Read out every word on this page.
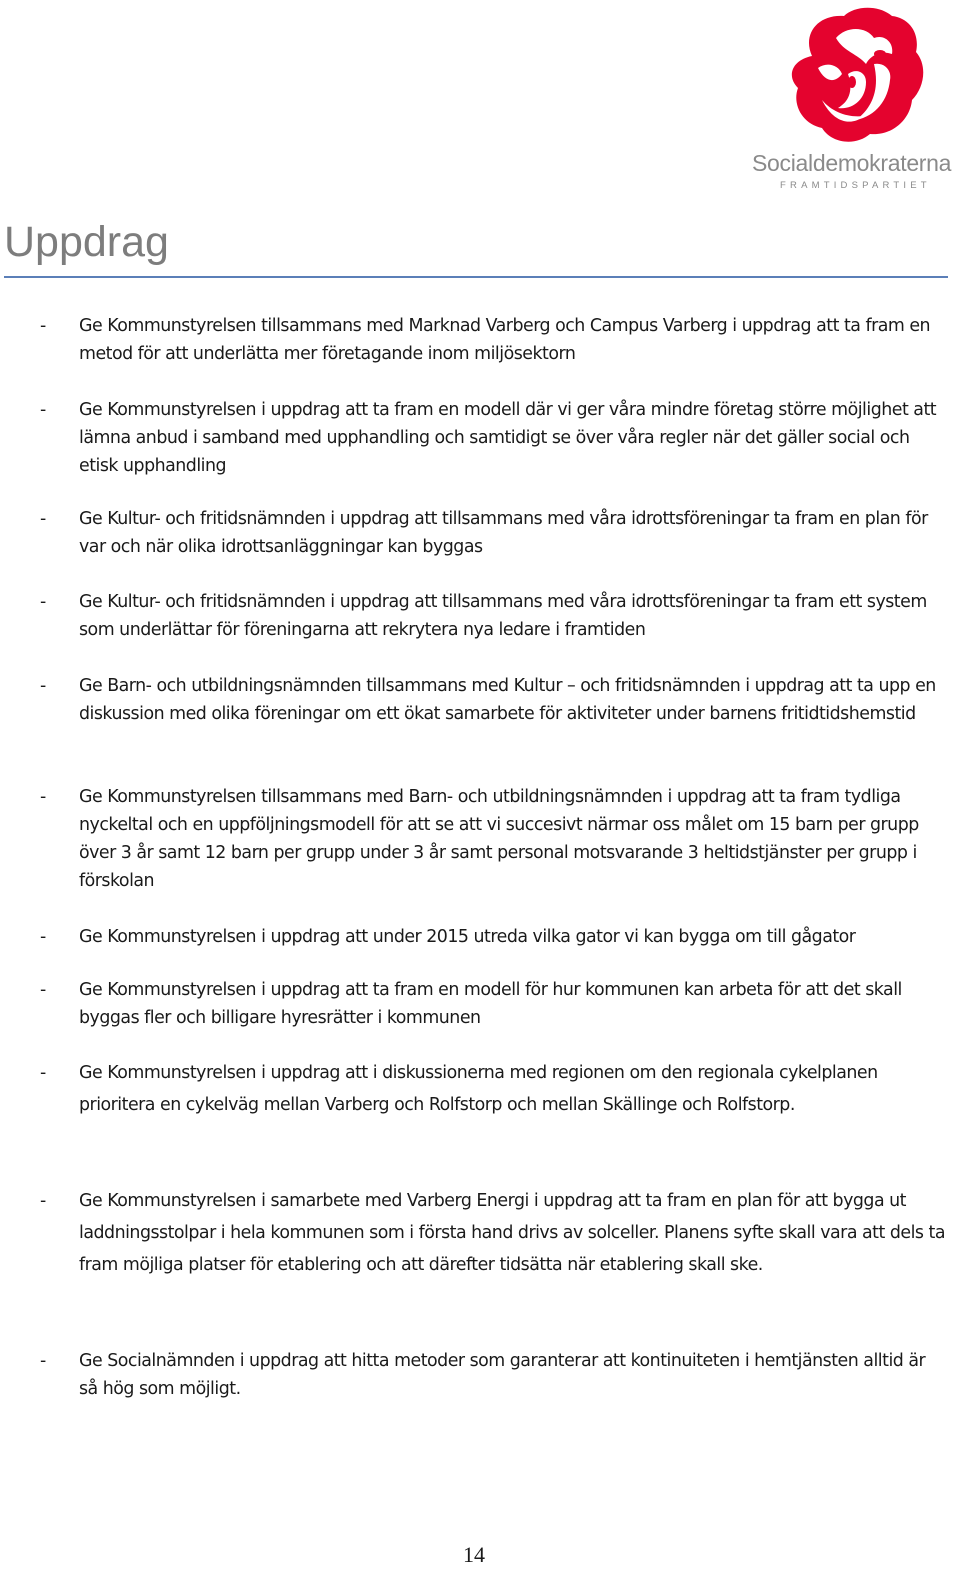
Socialdemokraterna
FRAMTIDSPARTIET
Uppdrag
- Ge Kommunstyrelsen tillsammans med Marknad Varberg och Campus Varberg i uppdrag att ta fram en metod för att underlätta mer företagande inom miljösektorn
- Ge Kommunstyrelsen i uppdrag att ta fram en modell där vi ger våra mindre företag större möjlighet att lämna anbud i samband med upphandling och samtidigt se över våra regler när det gäller social och etisk upphandling
- Ge Kultur- och fritidsnämnden i uppdrag att tillsammans med våra idrottsföreningar ta fram en plan för var och när olika idrottsanläggningar kan byggas
- Ge Kultur- och fritidsnämnden i uppdrag att tillsammans med våra idrottsföreningar ta fram ett system som underlättar för föreningarna att rekrytera nya ledare i framtiden
- Ge Barn- och utbildningsnämnden tillsammans med Kultur – och fritidsnämnden i uppdrag att ta upp en diskussion med olika föreningar om ett ökat samarbete för aktiviteter under barnens fritidtidshemstid
- Ge Kommunstyrelsen tillsammans med Barn- och utbildningsnämnden i uppdrag att ta fram tydliga nyckeltal och en uppföljningsmodell för att se att vi succesivt närmar oss målet om 15 barn per grupp över 3 år samt 12 barn per grupp under 3 år samt personal motsvarande 3 heltidstjänster per grupp i förskolan
- Ge Kommunstyrelsen i uppdrag att under 2015 utreda vilka gator vi kan bygga om till gågator
- Ge Kommunstyrelsen i uppdrag att ta fram en modell för hur kommunen kan arbeta för att det skall byggas fler och billigare hyresrätter i kommunen
- Ge Kommunstyrelsen i uppdrag att i diskussionerna med regionen om den regionala cykelplanen prioritera en cykelväg mellan Varberg och Rolfstorp och mellan Skällinge och Rolfstorp.
- Ge Kommunstyrelsen i samarbete med Varberg Energi i uppdrag att ta fram en plan för att bygga ut laddningsstolpar i hela kommunen som i första hand drivs av solceller. Planens syfte skall vara att dels ta fram möjliga platser för etablering och att därefter tidsätta när etablering skall ske.
- Ge Socialnämnden i uppdrag att hitta metoder som garanterar att kontinuiteten i hemtjänsten alltid är så hög som möjligt.
14
